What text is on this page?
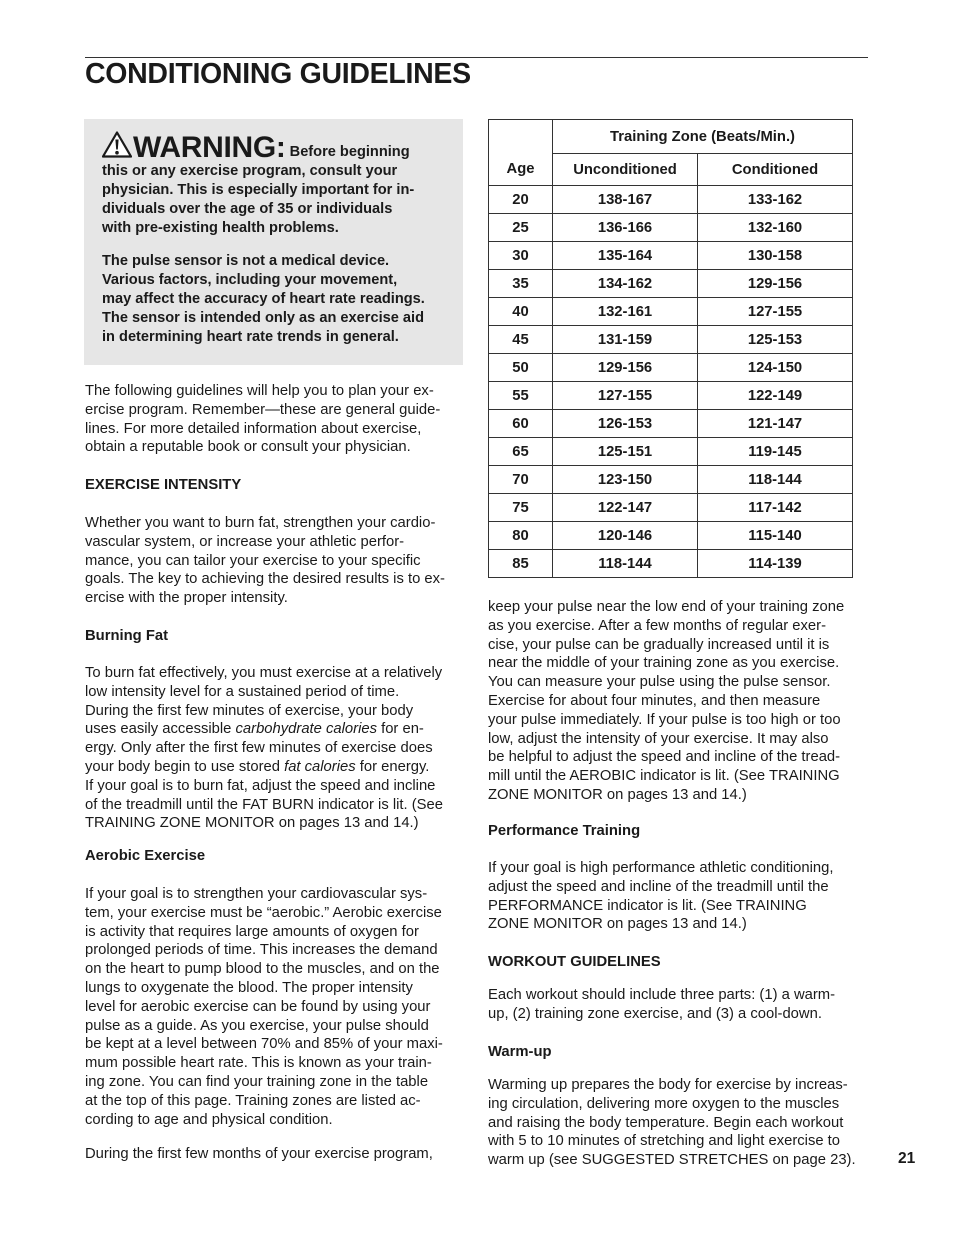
CONDITIONING GUIDELINES

WARNING: Before beginning
this or any exercise program, consult your
physician. This is especially important for in-
dividuals over the age of 35 or individuals
with pre-existing health problems.

The pulse sensor is not a medical device.
Various factors, including your movement,
may affect the accuracy of heart rate readings.
The sensor is intended only as an exercise aid
in determining heart rate trends in general.

The following guidelines will help you to plan your ex-
ercise program. Remember—these are general guide-
lines. For more detailed information about exercise,
obtain a reputable book or consult your physician.

EXERCISE INTENSITY

Whether you want to burn fat, strengthen your cardio-
vascular system, or increase your athletic perfor-
mance, you can tailor your exercise to your specific
goals. The key to achieving the desired results is to ex-
ercise with the proper intensity.

Burning Fat

To burn fat effectively, you must exercise at a relatively
low intensity level for a sustained period of time.
During the first few minutes of exercise, your body
uses easily accessible carbohydrate calories for en-
ergy. Only after the first few minutes of exercise does
your body begin to use stored fat calories for energy.
If your goal is to burn fat, adjust the speed and incline
of the treadmill until the FAT BURN indicator is lit. (See
TRAINING ZONE MONITOR on pages 13 and 14.)

Aerobic Exercise

If your goal is to strengthen your cardiovascular sys-
tem, your exercise must be “aerobic.” Aerobic exercise
is activity that requires large amounts of oxygen for
prolonged periods of time. This increases the demand
on the heart to pump blood to the muscles, and on the
lungs to oxygenate the blood. The proper intensity
level for aerobic exercise can be found by using your
pulse as a guide. As you exercise, your pulse should
be kept at a level between 70% and 85% of your maxi-
mum possible heart rate. This is known as your train-
ing zone. You can find your training zone in the table
at the top of this page. Training zones are listed ac-
cording to age and physical condition.

During the first few months of your exercise program,

	Training Zone (Beats/Min.)	
Age	Unconditioned	Conditioned
20	138-167	133-162
25	136-166	132-160
30	135-164	130-158
35	134-162	129-156
40	132-161	127-155
45	131-159	125-153
50	129-156	124-150
55	127-155	122-149
60	126-153	121-147
65	125-151	119-145
70	123-150	118-144
75	122-147	117-142
80	120-146	115-140
85	118-144	114-139

keep your pulse near the low end of your training zone
as you exercise. After a few months of regular exer-
cise, your pulse can be gradually increased until it is
near the middle of your training zone as you exercise.
You can measure your pulse using the pulse sensor.
Exercise for about four minutes, and then measure
your pulse immediately. If your pulse is too high or too
low, adjust the intensity of your exercise. It may also
be helpful to adjust the speed and incline of the tread-
mill until the AEROBIC indicator is lit. (See TRAINING
ZONE MONITOR on pages 13 and 14.)

Performance Training

If your goal is high performance athletic conditioning,
adjust the speed and incline of the treadmill until the
PERFORMANCE indicator is lit. (See TRAINING
ZONE MONITOR on pages 13 and 14.)

WORKOUT GUIDELINES

Each workout should include three parts: (1) a warm-
up, (2) training zone exercise, and (3) a cool-down.

Warm-up

Warming up prepares the body for exercise by increas-
ing circulation, delivering more oxygen to the muscles
and raising the body temperature. Begin each workout
with 5 to 10 minutes of stretching and light exercise to
warm up (see SUGGESTED STRETCHES on page 23).	21
